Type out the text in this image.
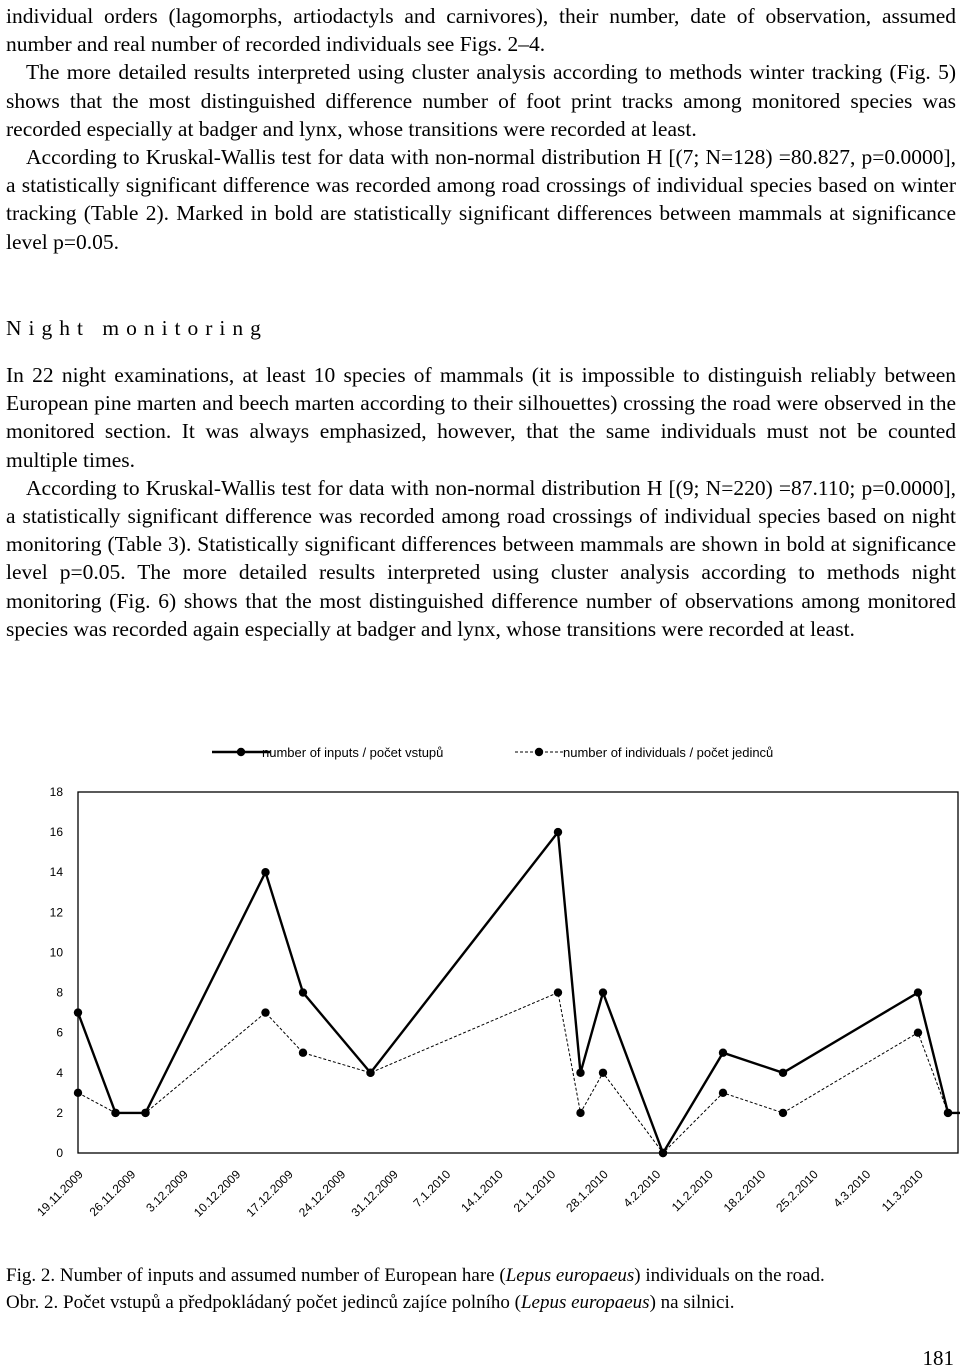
individual orders (lagomorphs, artiodactyls and carnivores), their number, date of observation, assumed number and real number of recorded individuals see Figs. 2–4.

The more detailed results interpreted using cluster analysis according to methods winter tracking (Fig. 5) shows that the most distinguished difference number of foot print tracks among monitored species was recorded especially at badger and lynx, whose transitions were recorded at least.

According to Kruskal-Wallis test for data with non-normal distribution H [(7; N=128) =80.827, p=0.0000], a statistically significant difference was recorded among road crossings of individual species based on winter tracking (Table 2). Marked in bold are statistically significant differences between mammals at significance level p=0.05.

Night monitoring

In 22 night examinations, at least 10 species of mammals (it is impossible to distinguish reliably between European pine marten and beech marten according to their silhouettes) crossing the road were observed in the monitored section. It was always emphasized, however, that the same individuals must not be counted multiple times.

According to Kruskal-Wallis test for data with non-normal distribution H [(9; N=220) =87.110; p=0.0000], a statistically significant difference was recorded among road crossings of individual species based on night monitoring (Table 3). Statistically significant differences between mammals are shown in bold at significance level p=0.05. The more detailed results interpreted using cluster analysis according to methods night monitoring (Fig. 6) shows that the most distinguished difference number of observations among monitored species was recorded again especially at badger and lynx, whose transitions were recorded at least.

0
2
4
6
8
10
12
14
16
18
19.11.2009 26.11.2009 3.12.2009 10.12.2009 17.12.2009 24.12.2009 31.12.2009 7.1.2010 14.1.2010 21.1.2010 28.1.2010 4.2.2010 11.2.2010 18.2.2010 25.2.2010 4.3.2010 11.3.2010
number of inputs / počet vstupů	number of individuals / počet jedinců

Fig. 2. Number of inputs and assumed number of European hare (Lepus europaeus) individuals on the road.

Obr. 2. Počet vstupů a předpokládaný počet jedinců zajíce polního (Lepus europaeus) na silnici.

181
